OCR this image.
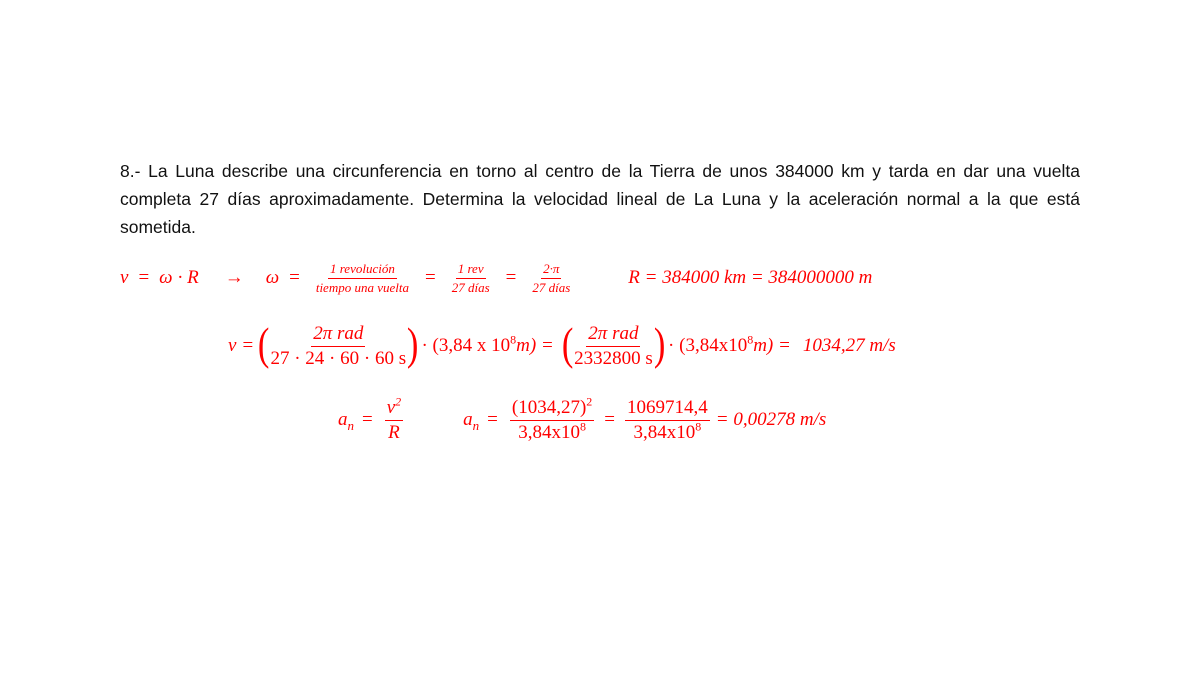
8.- La Luna describe una circunferencia en torno al centro de la Tierra de unos 384000 km y tarda en dar una vuelta completa 27 días aproximadamente. Determina la velocidad lineal de La Luna y la aceleración normal a la que está sometida.
$v = \omega \cdot R \to \omega = \frac{\text{1 revolución}}{\text{tiempo una vuelta}} = \frac{\text{1 rev}}{\text{27 días}} = \frac{2\cdot\pi}{\text{27 días}}$	R = 384000 km = 384000000 m
v = (
$\frac{\text{2π rad}}{27 \cdot 24 \cdot 60 \cdot 60 s}$
) · (3,84 x $10^8m$) = (
$\frac{\text{2π rad}}{2332800 s}$
) · $(3,84x10^8m) = 1034,27$ m/s
$a_n = \frac{v^2}{R}$	$a_n = \frac{(1034,27)^2}{3,84x10^8} = \frac{1069714,4}{3,84x10^8} = 0,00278$ m/s
